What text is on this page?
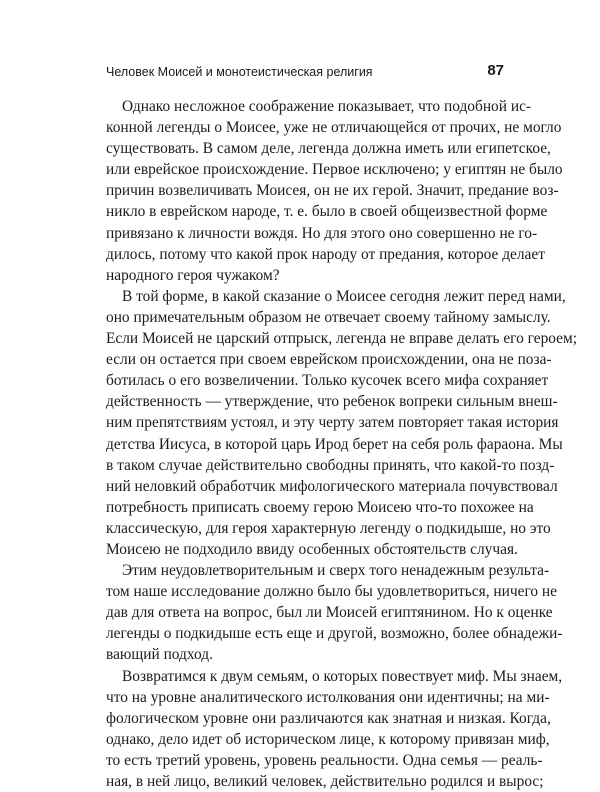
Человек Моисей и монотеистическая религия	87
Однако несложное соображение показывает, что подобной ис-
конной легенды о Моисее, уже не отличающейся от прочих, не могло
существовать. В самом деле, легенда должна иметь или египетское,
или еврейское происхождение. Первое исключено; у египтян не было
причин возвеличивать Моисея, он не их герой. Значит, предание воз-
никло в еврейском народе, т. е. было в своей общеизвестной форме
привязано к личности вождя. Но для этого оно совершенно не го-
дилось, потому что какой прок народу от предания, которое делает
народного героя чужаком?
В той форме, в какой сказание о Моисее сегодня лежит перед нами,
оно примечательным образом не отвечает своему тайному замыслу.
Если Моисей не царский отпрыск, легенда не вправе делать его героем;
если он остается при своем еврейском происхождении, она не поза-
ботилась о его возвеличении. Только кусочек всего мифа сохраняет
действенность — утверждение, что ребенок вопреки сильным внеш-
ним препятствиям устоял, и эту черту затем повторяет такая история
детства Иисуса, в которой царь Ирод берет на себя роль фараона. Мы
в таком случае действительно свободны принять, что какой-то позд-
ний неловкий обработчик мифологического материала почувствовал
потребность приписать своему герою Моисею что-то похожее на
классическую, для героя характерную легенду о подкидыше, но это
Моисею не подходило ввиду особенных обстоятельств случая.
Этим неудовлетворительным и сверх того ненадежным результа-
том наше исследование должно было бы удовлетвориться, ничего не
дав для ответа на вопрос, был ли Моисей египтянином. Но к оценке
легенды о подкидыше есть еще и другой, возможно, более обнадежи-
вающий подход.
Возвратимся к двум семьям, о которых повествует миф. Мы знаем,
что на уровне аналитического истолкования они идентичны; на ми-
фологическом уровне они различаются как знатная и низкая. Когда,
однако, дело идет об историческом лице, к которому привязан миф,
то есть третий уровень, уровень реальности. Одна семья — реаль-
ная, в ней лицо, великий человек, действительно родился и вырос;
